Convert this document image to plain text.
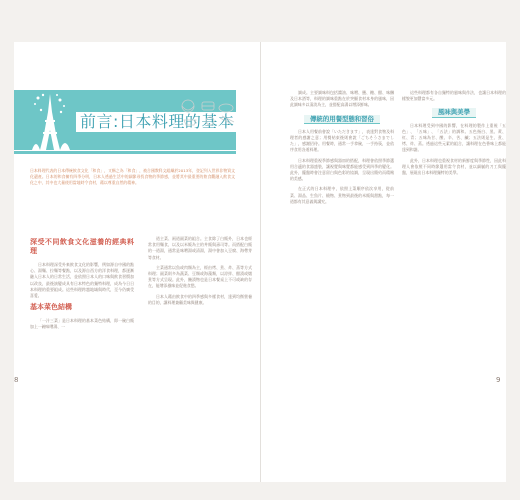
前言:日本料理的基本
日本料理代表的日本傳統飲食文化「和食」，又稱之為「和食」，被合國教科文組織於2013年，登記列入世界非物質文化遺產。日本的和食擁有四季分明，日本人透過生活中的細節尋找食物的季節感，並將其中最重要的飲食觀融入飲食文化之中，其中也大量使用當地時令食材，藉以尊重自然的精神。
深受不同飲食文化滋養的經典料理
日本料理深受外來飲食文化的影響，例如源自中國的點心、湯麵、拉麵等餐點，以及源自西方的洋食料理，都逐漸融入日本人的日常生活，並依照日本人的口味與飲食習慣加以改良，最後演變成具有日本特色的獨特料理，成為今日日本料理的重要組成。這些料理跨越地域與時代，至今仍廣受喜愛。
基本菜色結構
「一汁三菜」是日本料理的基本菜色結構，即一碗白飯加上一碗味噌湯、一
道主菜、兩道副菜的組合。主食除了白飯外，日本也經常食用麵食，以及以米飯為主的丼飯與壽司等。而搭配白飯的一道湯，通常是味噌湯或清湯，湯中會加入豆腐、海帶芽等食材。
主菜通常以魚或肉類為主，經由烤、煮、炸、蒸等方式料理；副菜則多為蔬菜、豆類或海藻類，以涼拌、醋漬或燉煮等方式呈現。此外，醃漬物也是日本餐桌上不可或缺的存在，能增添風味並促進食慾。
日本人藉由飲食中的四季感與多樣食材，達到均衡營養的目的，讓料理兼顧美味與健康。
8
調成。主要調味料包括醬油、味噌、鹽、糖、醋、味醂及日本酒等，料理的調味重點在於突顯食材本身的風味，因此調味多以清淡為主，並搭配高湯以增添鮮味。
傳統的用餐型態和習俗
日本人用餐前會說「いただきます」，表達對食物及料理者的感謝之意；用餐結束後則會說「ごちそうさまでした」，感謝招待。用餐時，通常一手拿碗，一手持筷，並依序食用各道料理。
日本料理重視季節感與器皿的搭配，料理會依照季節選用合適的食器盛裝，讓視覺與味覺都能感受到四季的變化。此外，擺盤時會注意留白與色彩的協調，呈現出簡約而精緻的美感。
在正式的日本料理中，依照上菜順序依次享用，從前菜、湯品、生魚片、燒物、煮物到最後的米飯與甜點，每一道都有其意義與講究。
這些料理都有各自獨特的風味與作法，也讓日本料理的樣貌更加豐富多元。
風味與美學
日本料理受到中國的影響，在料理的製作上重視「五色」、「五味」、「五法」的調和。五色指白、黑、黃、紅、青；五味為甘、酸、辛、苦、鹹；五法則是生、煮、烤、炸、蒸。透過這些元素的組合，讓料理在色香味上都能達到和諧。
此外，日本料理也重視食材的新鮮度與季節性，因此料理人會依照不同時節選用當令食材，並以細膩的刀工與擺盤，展現出日本料理獨特的美學。
9
